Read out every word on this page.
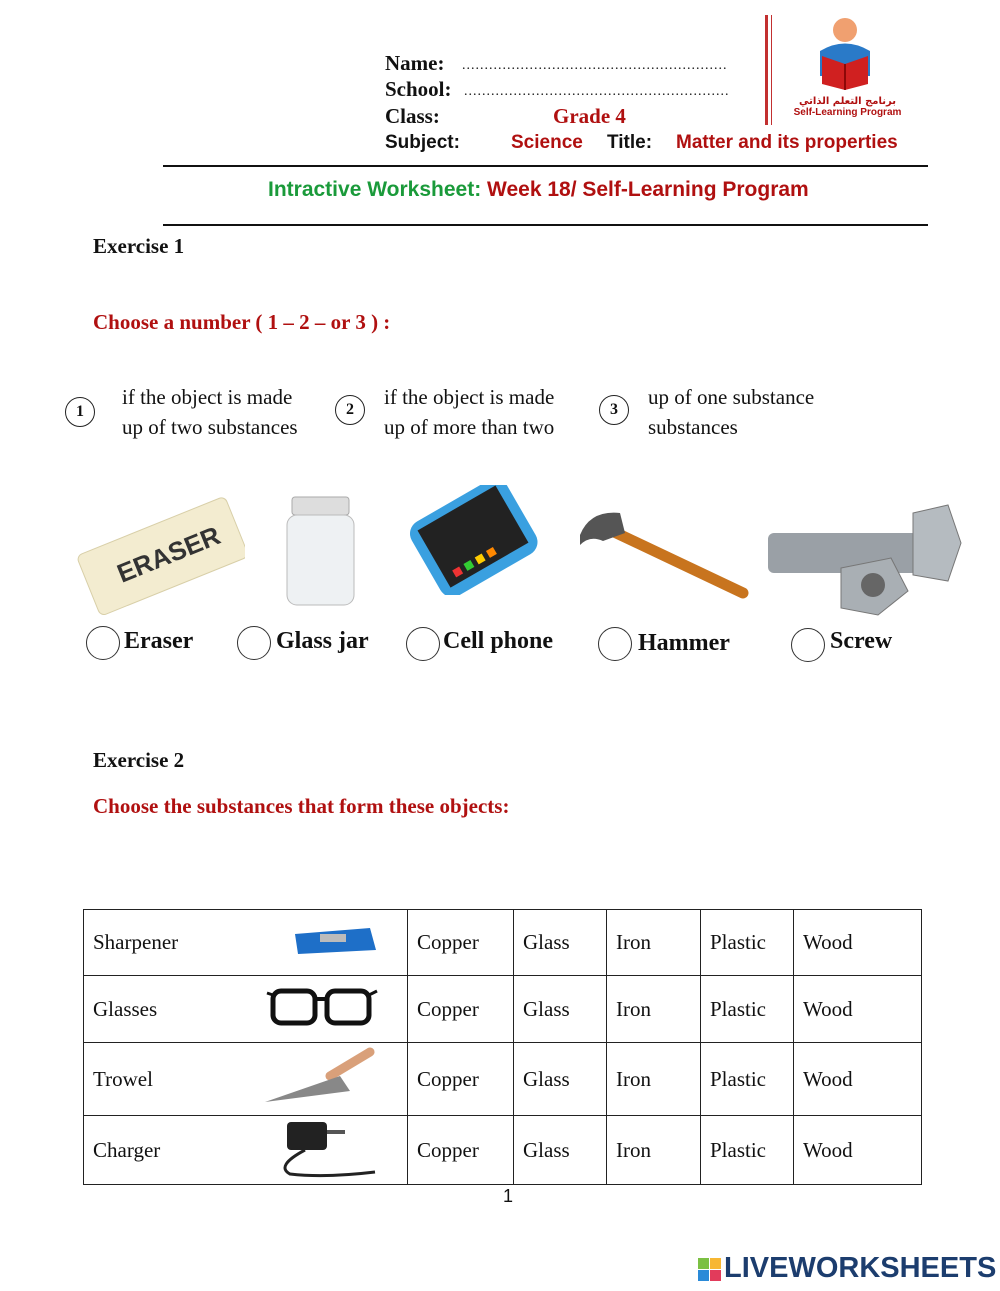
Name: ...........................................................
School: ...........................................................
Class:	Grade 4
Subject:	Science Title: Matter and its properties
برنامج التعلم الذاتي
Self-Learning Program
Intractive Worksheet: Week 18/ Self-Learning Program
Exercise 1
Choose a number ( 1 – 2 – or 3 ) :
1
if the object is made
up of two substances
2
if the object is made
up of more than two
3
up of one substance
substances
ERASER
Eraser	Glass jar	Cell phone	Hammer	Screw
Exercise 2
Choose the substances that form these objects:
Sharpener	Copper	Glass	Iron	Plastic	Wood

Glasses	Copper	Glass	Iron	Plastic	Wood

Trowel	Copper	Glass	Iron	Plastic	Wood

Charger	Copper	Glass	Iron	Plastic	Wood
1
LIVEWORKSHEETS
